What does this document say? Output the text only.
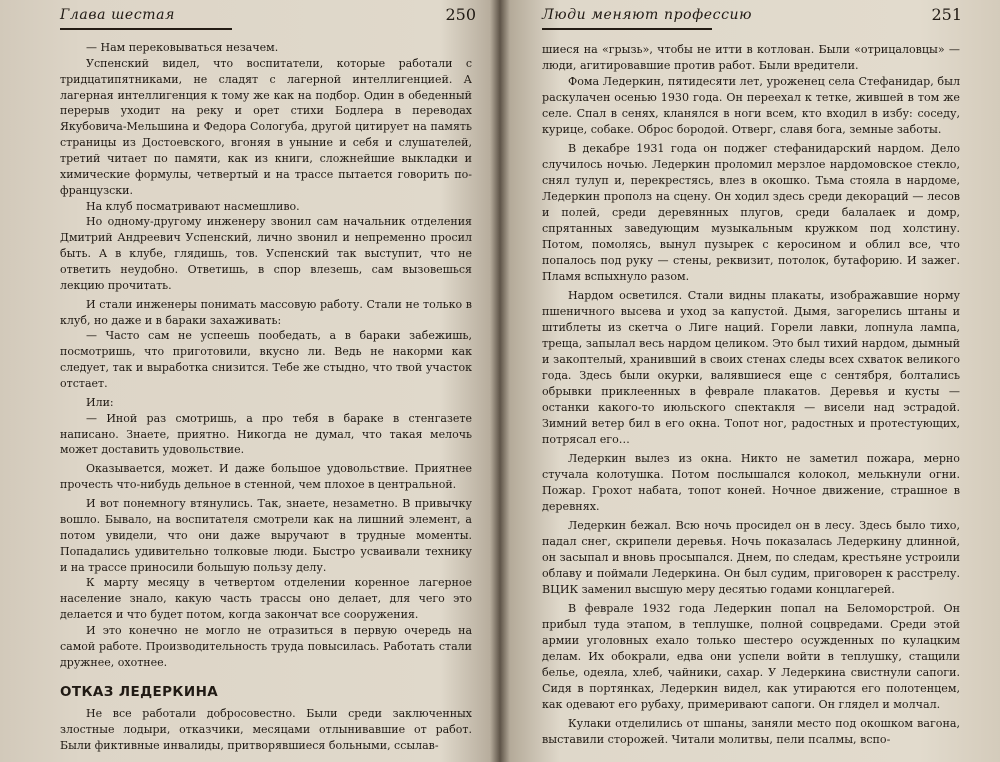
Глава шестая	250

— Нам перековываться незачем.

Успенский видел, что воспитатели, которые работали с тридцатипятниками, не сладят с лагерной интеллигенцией. А лагерная интеллигенция к тому же как на подбор. Один в обеденный перерыв уходит на реку и орет стихи Бодлера в переводах Якубовича-Мельшина и Федора Сологуба, другой цитирует на память страницы из Достоевского, вгоняя в уныние и себя и слушателей, третий читает по памяти, как из книги, сложнейшие выкладки и химические формулы, четвертый и на трассе пытается говорить по-французски.

На клуб посматривают насмешливо.

Но одному-другому инженеру звонил сам начальник отделения Дмитрий Андреевич Успенский, лично звонил и непременно просил быть. А в клубе, глядишь, тов. Успенский так выступит, что не ответить неудобно. Ответишь, в спор влезешь, сам вызовешься лекцию прочитать.

И стали инженеры понимать массовую работу. Стали не только в клуб, но даже и в бараки захаживать:

— Часто сам не успеешь пообедать, а в бараки забежишь, посмотришь, что приготовили, вкусно ли. Ведь не накорми как следует, так и выработка снизится. Тебе же стыдно, что твой участок отстает.

Или:

— Иной раз смотришь, а про тебя в бараке в стенгазете написано. Знаете, приятно. Никогда не думал, что такая мелочь может доставить удовольствие.

Оказывается, может. И даже большое удовольствие. Приятнее прочесть что-нибудь дельное в стенной, чем плохое в центральной.

И вот понемногу втянулись. Так, знаете, незаметно. В привычку вошло. Бывало, на воспитателя смотрели как на лишний элемент, а потом увидели, что они даже выручают в трудные моменты. Попадались удивительно толковые люди. Быстро усваивали технику и на трассе приносили большую пользу делу.

К марту месяцу в четвертом отделении коренное лагерное население знало, какую часть трассы оно делает, для чего это делается и что будет потом, когда закончат все сооружения.

И это конечно не могло не отразиться в первую очередь на самой работе. Производительность труда повысилась. Работать стали дружнее, охотнее.

ОТКАЗ ЛЕДЕРКИНА

Не все работали добросовестно. Были среди заключенных злостные лодыри, отказчики, месяцами отлынивавшие от работ. Были фиктивные инвалиды, притворявшиеся больными, ссылав-

Люди меняют профессию	251

шиеся на «грызь», чтобы не итти в котлован. Были «отрицаловцы» — люди, агитировавшие против работ. Были вредители.

Фома Ледеркин, пятидесяти лет, уроженец села Стефанидар, был раскулачен осенью 1930 года. Он переехал к тетке, жившей в том же селе. Спал в сенях, кланялся в ноги всем, кто входил в избу: соседу, курице, собаке. Оброс бородой. Отверг, славя бога, земные заботы.

В декабре 1931 года он поджег стефанидарский нардом. Дело случилось ночью. Ледеркин проломил мерзлое нардомовское стекло, снял тулуп и, перекрестясь, влез в окошко. Тьма стояла в нардоме, Ледеркин прополз на сцену. Он ходил здесь среди декораций — лесов и полей, среди деревянных плугов, среди балалаек и домр, спрятанных заведующим музыкальным кружком под холстину. Потом, помолясь, вынул пузырек с керосином и облил все, что попалось под руку — стены, реквизит, потолок, бутафорию. И зажег. Пламя вспыхнуло разом.

Нардом осветился. Стали видны плакаты, изображавшие норму пшеничного высева и уход за капустой. Дымя, загорелись штаны и штиблеты из скетча о Лиге наций. Горели лавки, лопнула лампа, треща, запылал весь нардом целиком. Это был тихий нардом, дымный и закоптелый, хранивший в своих стенах следы всех схваток великого года. Здесь были окурки, валявшиеся еще с сентября, болтались обрывки приклеенных в феврале плакатов. Деревья и кусты — останки какого-то июльского спектакля — висели над эстрадой. Зимний ветер бил в его окна. Топот ног, радостных и протестующих, потрясал его…

Ледеркин вылез из окна. Никто не заметил пожара, мерно стучала колотушка. Потом послышался колокол, мелькнули огни. Пожар. Грохот набата, топот коней. Ночное движение, страшное в деревнях.

Ледеркин бежал. Всю ночь просидел он в лесу. Здесь было тихо, падал снег, скрипели деревья. Ночь показалась Ледеркину длинной, он засыпал и вновь просыпался. Днем, по следам, крестьяне устроили облаву и поймали Ледеркина. Он был судим, приговорен к расстрелу. ВЦИК заменил высшую меру десятью годами концлагерей.

В феврале 1932 года Ледеркин попал на Беломорстрой. Он прибыл туда этапом, в теплушке, полной соцвредами. Среди этой армии уголовных ехало только шестеро осужденных по кулацким делам. Их обокрали, едва они успели войти в теплушку, стащили белье, одеяла, хлеб, чайники, сахар. У Ледеркина свистнули сапоги. Сидя в портянках, Ледеркин видел, как утираются его полотенцем, как одевают его рубаху, примеривают сапоги. Он глядел и молчал.

Кулаки отделились от шпаны, заняли место под окошком вагона, выставили сторожей. Читали молитвы, пели псалмы, вспо-
